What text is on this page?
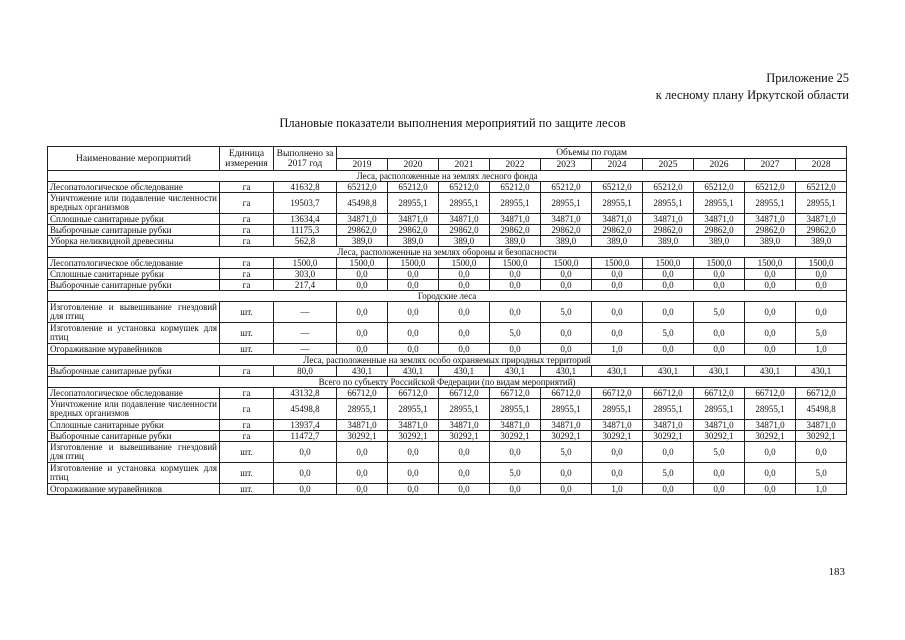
Приложение 25
к лесному плану Иркутской области
Плановые показатели выполнения мероприятий по защите лесов
Наименование мероприятий	Единица измерения	Выполнено за 2017 год	Объемы по годам									
			2019	2020	2021	2022	2023	2024	2025	2026	2027	2028
Леса, расположенные на землях лесного фонда												
Лесопатологическое обследование	га	41632,8	65212,0	65212,0	65212,0	65212,0	65212,0	65212,0	65212,0	65212,0	65212,0	65212,0
Уничтожение или подавление численности вредных организмов	га	19503,7	45498,8	28955,1	28955,1	28955,1	28955,1	28955,1	28955,1	28955,1	28955,1	28955,1
Сплошные санитарные рубки	га	13634,4	34871,0	34871,0	34871,0	34871,0	34871,0	34871,0	34871,0	34871,0	34871,0	34871,0
Выборочные санитарные рубки	га	11175,3	29862,0	29862,0	29862,0	29862,0	29862,0	29862,0	29862,0	29862,0	29862,0	29862,0
Уборка неликвидной древесины	га	562,8	389,0	389,0	389,0	389,0	389,0	389,0	389,0	389,0	389,0	389,0
Леса, расположенные на землях обороны и безопасности												
Лесопатологическое обследование	га	1500,0	1500,0	1500,0	1500,0	1500,0	1500,0	1500,0	1500,0	1500,0	1500,0	1500,0
Сплошные санитарные рубки	га	303,0	0,0	0,0	0,0	0,0	0,0	0,0	0,0	0,0	0,0	0,0
Выборочные санитарные рубки	га	217,4	0,0	0,0	0,0	0,0	0,0	0,0	0,0	0,0	0,0	0,0
Городские леса												
Изготовление и вывешивание гнездовий для птиц	шт.	—	0,0	0,0	0,0	0,0	5,0	0,0	0,0	5,0	0,0	0,0
Изготовление и установка кормушек для птиц	шт.	—	0,0	0,0	0,0	5,0	0,0	0,0	5,0	0,0	0,0	5,0
Огораживание муравейников	шт.	—	0,0	0,0	0,0	0,0	0,0	1,0	0,0	0,0	0,0	1,0
Леса, расположенные на землях особо охраняемых природных территорий												
Выборочные санитарные рубки	га	80,0	430,1	430,1	430,1	430,1	430,1	430,1	430,1	430,1	430,1	430,1
Всего по субъекту Российской Федерации (по видам мероприятий)												
Лесопатологическое обследование	га	43132,8	66712,0	66712,0	66712,0	66712,0	66712,0	66712,0	66712,0	66712,0	66712,0	66712,0
Уничтожение или подавление численности вредных организмов	га	45498,8	28955,1	28955,1	28955,1	28955,1	28955,1	28955,1	28955,1	28955,1	28955,1	45498,8
Сплошные санитарные рубки	га	13937,4	34871,0	34871,0	34871,0	34871,0	34871,0	34871,0	34871,0	34871,0	34871,0	34871,0
Выборочные санитарные рубки	га	11472,7	30292,1	30292,1	30292,1	30292,1	30292,1	30292,1	30292,1	30292,1	30292,1	30292,1
Изготовление и вывешивание гнездовий для птиц	шт.	0,0	0,0	0,0	0,0	0,0	5,0	0,0	0,0	5,0	0,0	0,0
Изготовление и установка кормушек для птиц	шт.	0,0	0,0	0,0	0,0	5,0	0,0	0,0	5,0	0,0	0,0	5,0
Огораживание муравейников	шт.	0,0	0,0	0,0	0,0	0,0	0,0	1,0	0,0	0,0	0,0	1,0
183
